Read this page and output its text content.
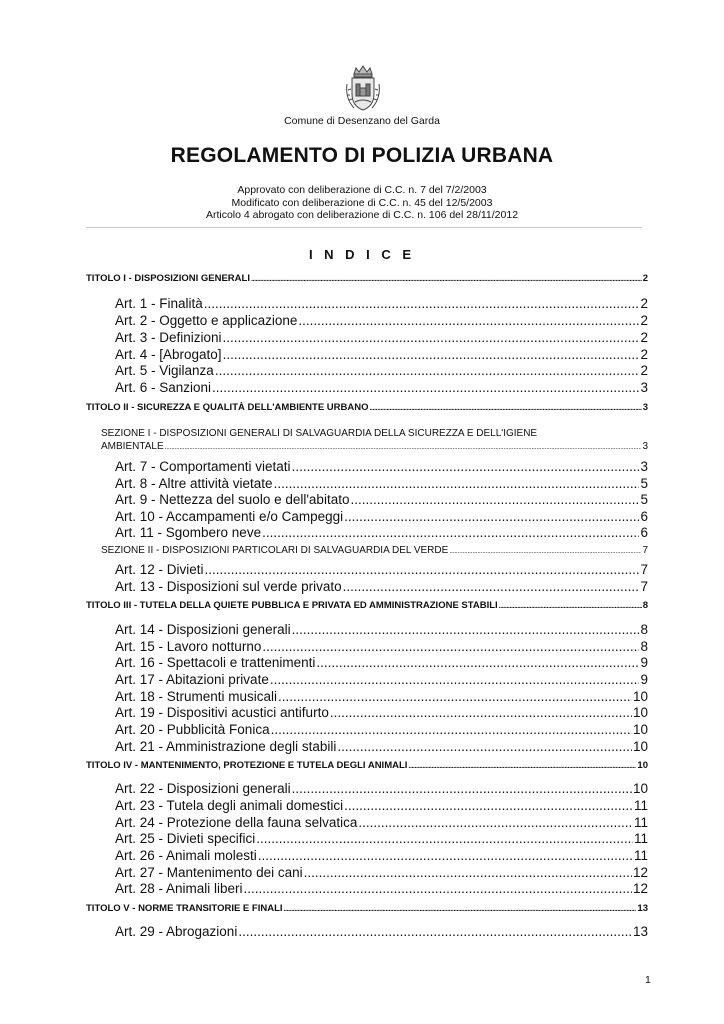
Comune di Desenzano del Garda
REGOLAMENTO DI POLIZIA URBANA
Approvato con deliberazione di C.C. n. 7 del 7/2/2003
Modificato con deliberazione di C.C. n. 45 del 12/5/2003
Articolo 4 abrogato con deliberazione di C.C. n. 106 del 28/11/2012
I N D I C E
TITOLO I - DISPOSIZIONI GENERALI .....	2
Art. 1 - Finalità .....	2
Art. 2 - Oggetto e applicazione .....	2
Art. 3 - Definizioni .....	2
Art. 4 - [Abrogato] .....	2
Art. 5 - Vigilanza .....	2
Art. 6 - Sanzioni .....	3
TITOLO II - SICUREZZA E QUALITÀ DELL'AMBIENTE URBANO .....	3
SEZIONE I - DISPOSIZIONI GENERALI DI SALVAGUARDIA DELLA SICUREZZA E DELL'IGIENE
AMBIENTALE .....	3
Art. 7 - Comportamenti vietati .....	3
Art. 8 - Altre attività vietate .....	5
Art. 9 - Nettezza del suolo e dell'abitato .....	5
Art. 10 - Accampamenti e/o Campeggi .....	6
Art. 11 - Sgombero neve .....	6
SEZIONE II - DISPOSIZIONI PARTICOLARI DI SALVAGUARDIA DEL VERDE .....	7
Art. 12 - Divieti .....	7
Art. 13 - Disposizioni sul verde privato .....	7
TITOLO III - TUTELA DELLA QUIETE PUBBLICA E PRIVATA ED AMMINISTRAZIONE STABILI .....	8
Art. 14 - Disposizioni generali .....	8
Art. 15 - Lavoro notturno .....	8
Art. 16 - Spettacoli e trattenimenti .....	9
Art. 17 - Abitazioni private .....	9
Art. 18 - Strumenti musicali .....	10
Art. 19 - Dispositivi acustici antifurto .....	10
Art. 20 - Pubblicità Fonica .....	10
Art. 21 - Amministrazione degli stabili .....	10
TITOLO IV - MANTENIMENTO, PROTEZIONE E TUTELA DEGLI ANIMALI .....	10
Art. 22 - Disposizioni generali .....	10
Art. 23 - Tutela degli animali domestici .....	11
Art. 24 - Protezione della fauna selvatica .....	11
Art. 25 - Divieti specifici .....	11
Art. 26 - Animali molesti .....	11
Art. 27 - Mantenimento dei cani .....	12
Art. 28 - Animali liberi .....	12
TITOLO V - NORME TRANSITORIE E FINALI .....	13
Art. 29 - Abrogazioni .....	13
1
